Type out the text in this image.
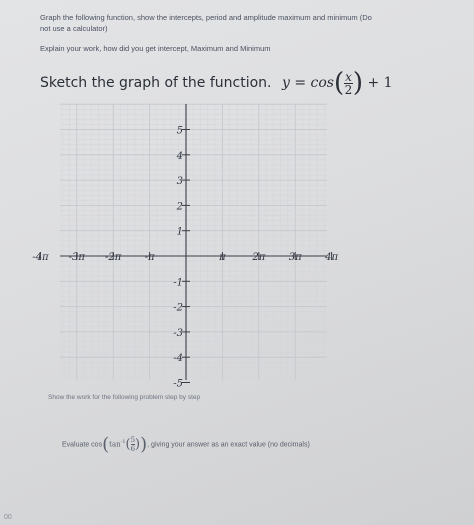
Graph the following function, show the intercepts, period and amplitude maximum and minimum (Do
not use a calculator)
Explain your work, how did you get intercept, Maximum and Minimum
Sketch the graph of the function. $y = \cos( \frac{x}{2}$ ) + 1
-4π -3π -2π -π	π	2π 3π 4π
5
4
3
2
1
-1
-2
-3
-4
-5
Show the work for the following problem step by step
Evaluate $\cos(\tan^{-1}( \frac{5}{6}$ )), giving your answer as an exact value (no decimals)
00
